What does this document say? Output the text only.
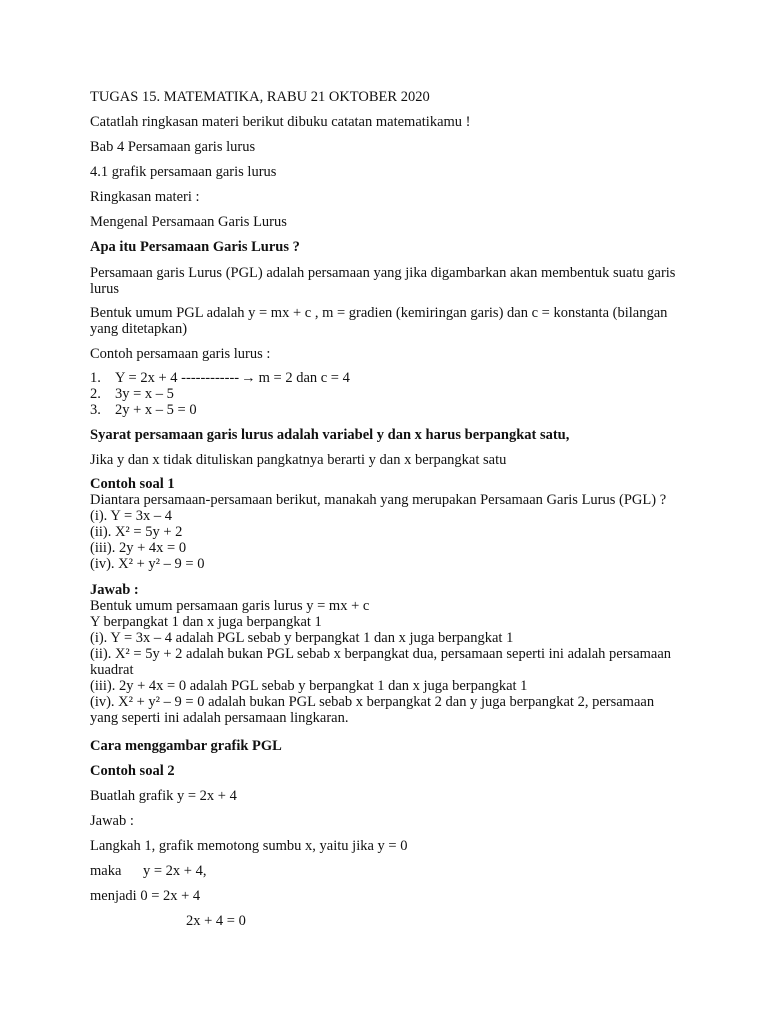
TUGAS 15. MATEMATIKA, RABU 21 OKTOBER 2020
Catatlah ringkasan materi berikut dibuku catatan matematikamu !
Bab 4 Persamaan garis lurus
4.1 grafik persamaan garis lurus
Ringkasan materi :
Mengenal Persamaan Garis Lurus
Apa itu Persamaan Garis Lurus ?
Persamaan garis Lurus (PGL) adalah persamaan yang jika digambarkan akan membentuk suatu garis
lurus
Bentuk umum PGL adalah y = mx + c , m = gradien (kemiringan garis) dan c = konstanta (bilangan
yang ditetapkan)
Contoh persamaan garis lurus :
1. Y = 2x + 4 ------------ → m = 2 dan c = 4
2. 3y = x – 5
3. 2y + x – 5 = 0
Syarat persamaan garis lurus adalah variabel y dan x harus berpangkat satu,
Jika y dan x tidak dituliskan pangkatnya berarti y dan x berpangkat satu
Contoh soal 1
Diantara persamaan-persamaan berikut, manakah yang merupakan Persamaan Garis Lurus (PGL) ?
(i). Y = 3x – 4
(ii). X² = 5y + 2
(iii). 2y + 4x = 0
(iv). X² + y² – 9 = 0
Jawab :
Bentuk umum persamaan garis lurus y = mx + c
Y berpangkat 1 dan x juga berpangkat 1
(i). Y = 3x – 4 adalah PGL sebab y berpangkat 1 dan x juga berpangkat 1
(ii). X² = 5y + 2 adalah bukan PGL sebab x berpangkat dua, persamaan seperti ini adalah persamaan
kuadrat
(iii). 2y + 4x = 0 adalah PGL sebab y berpangkat 1 dan x juga berpangkat 1
(iv). X² + y² – 9 = 0 adalah bukan PGL sebab x berpangkat 2 dan y juga berpangkat 2, persamaan
yang seperti ini adalah persamaan lingkaran.
Cara menggambar grafik PGL
Contoh soal 2
Buatlah grafik y = 2x + 4
Jawab :
Langkah 1, grafik memotong sumbu x, yaitu jika y = 0
maka y = 2x + 4,
menjadi 0 = 2x + 4
2x + 4 = 0
